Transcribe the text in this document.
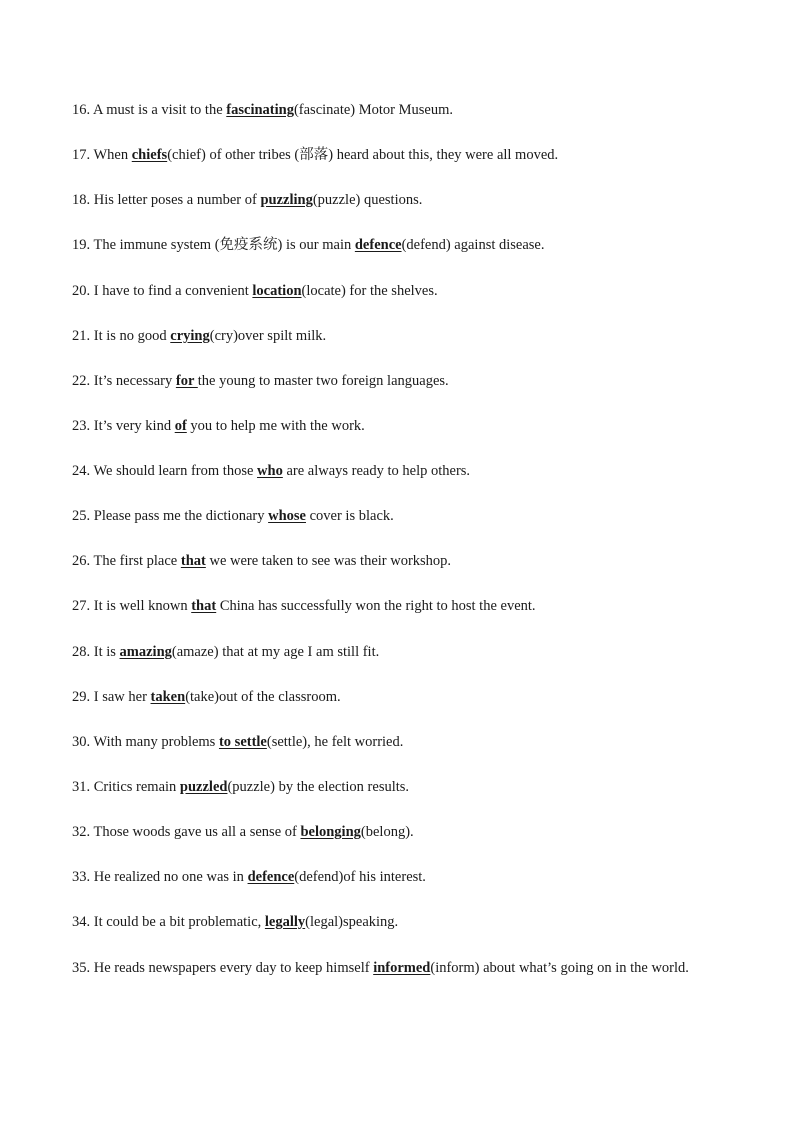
16. A must is a visit to the fascinating(fascinate) Motor Museum.
17. When chiefs(chief) of other tribes (部落) heard about this, they were all moved.
18. His letter poses a number of puzzling(puzzle) questions.
19. The immune system (免疫系统) is our main defence(defend) against disease.
20. I have to find a convenient location(locate) for the shelves.
21. It is no good crying(cry)over spilt milk.
22. It’s necessary for the young to master two foreign languages.
23. It’s very kind of you to help me with the work.
24. We should learn from those who are always ready to help others.
25. Please pass me the dictionary whose cover is black.
26. The first place that we were taken to see was their workshop.
27. It is well known that China has successfully won the right to host the event.
28. It is amazing(amaze) that at my age I am still fit.
29. I saw her taken(take)out of the classroom.
30. With many problems to settle(settle), he felt worried.
31. Critics remain puzzled(puzzle) by the election results.
32. Those woods gave us all a sense of belonging(belong).
33. He realized no one was in defence(defend)of his interest.
34. It could be a bit problematic, legally(legal)speaking.
35. He reads newspapers every day to keep himself informed(inform) about what’s going on in the world.
